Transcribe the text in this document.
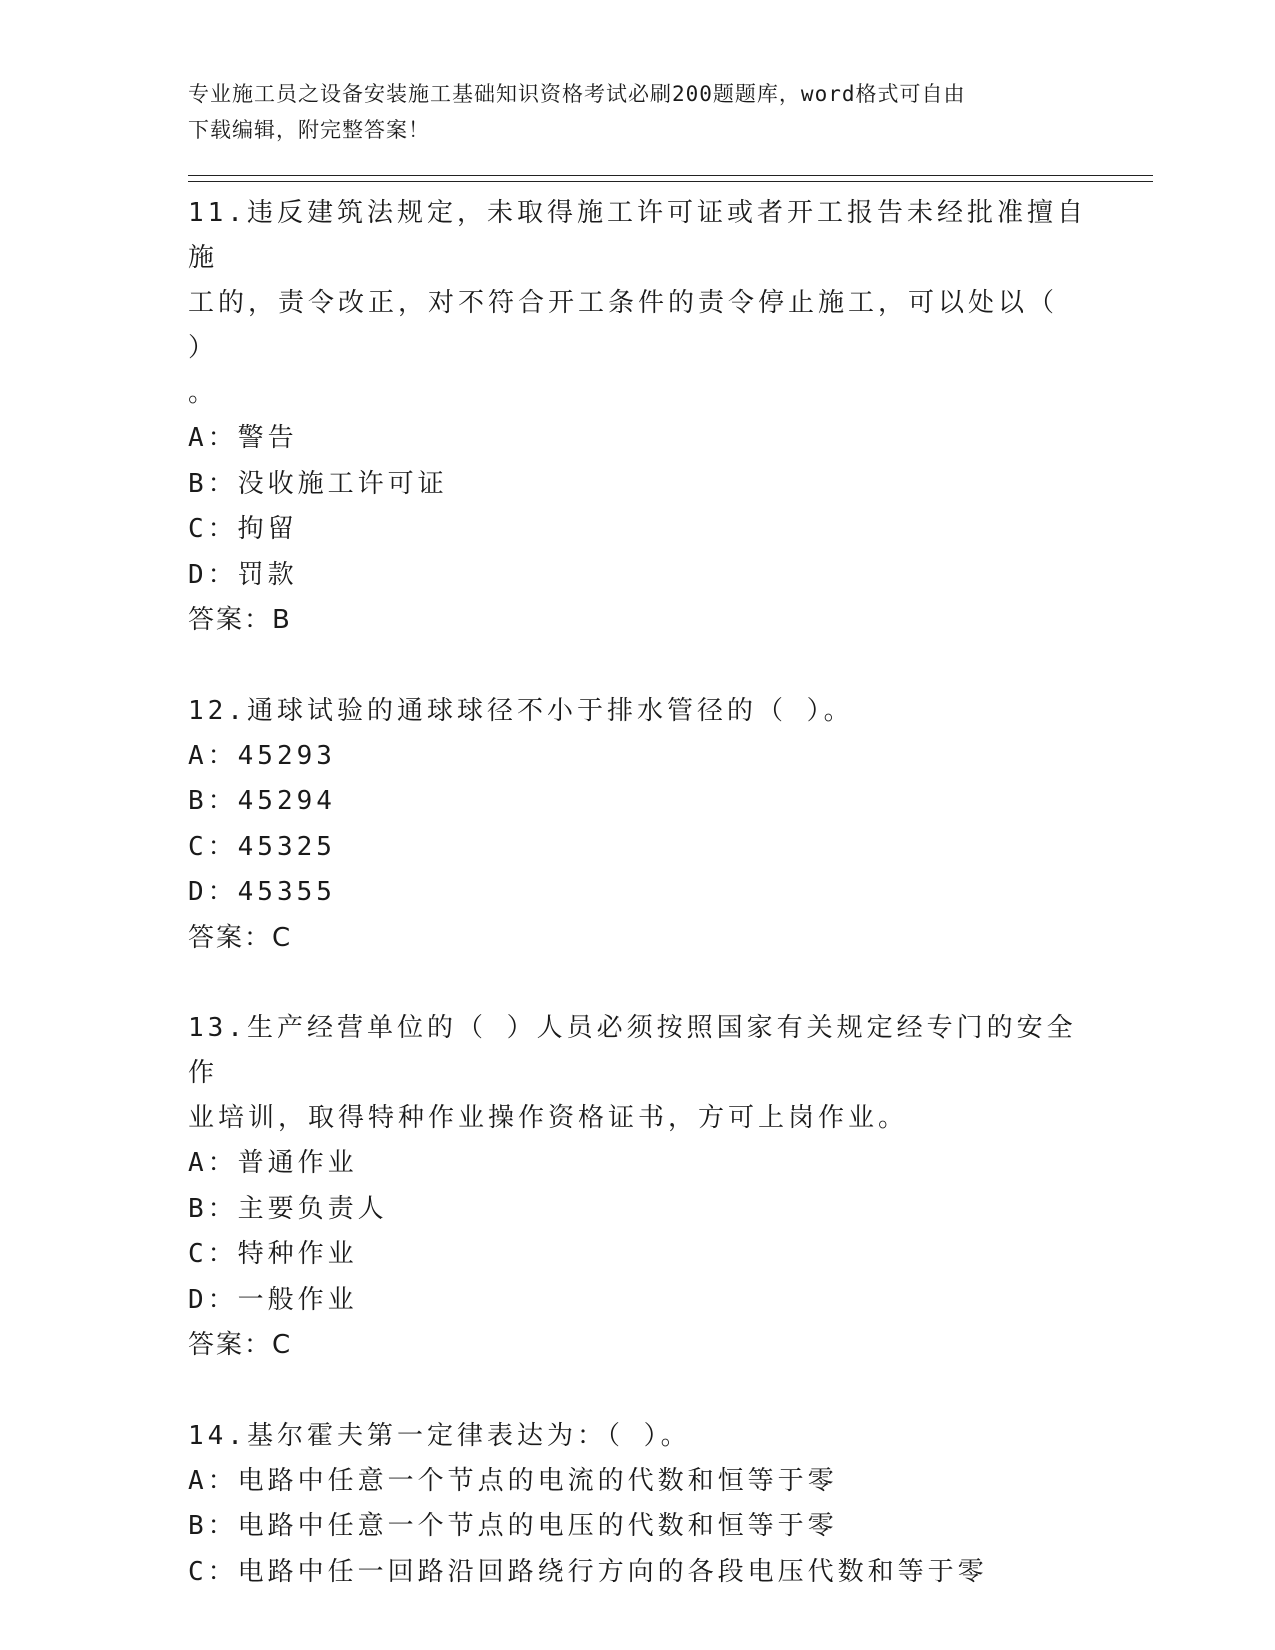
专业施工员之设备安装施工基础知识资格考试必刷200题题库，word格式可自由
下载编辑，附完整答案！
11.违反建筑法规定，未取得施工许可证或者开工报告未经批准擅自施
工的，责令改正，对不符合开工条件的责令停止施工，可以处以（ ）
。
A：警告
B：没收施工许可证
C：拘留
D：罚款
答案：B
12.通球试验的通球球径不小于排水管径的（ ）。
A：45293
B：45294
C：45325
D：45355
答案：C
13.生产经营单位的（ ）人员必须按照国家有关规定经专门的安全作
业培训，取得特种作业操作资格证书，方可上岗作业。
A：普通作业
B：主要负责人
C：特种作业
D：一般作业
答案：C
14.基尔霍夫第一定律表达为：（ ）。
A：电路中任意一个节点的电流的代数和恒等于零
B：电路中任意一个节点的电压的代数和恒等于零
C：电路中任一回路沿回路绕行方向的各段电压代数和等于零
